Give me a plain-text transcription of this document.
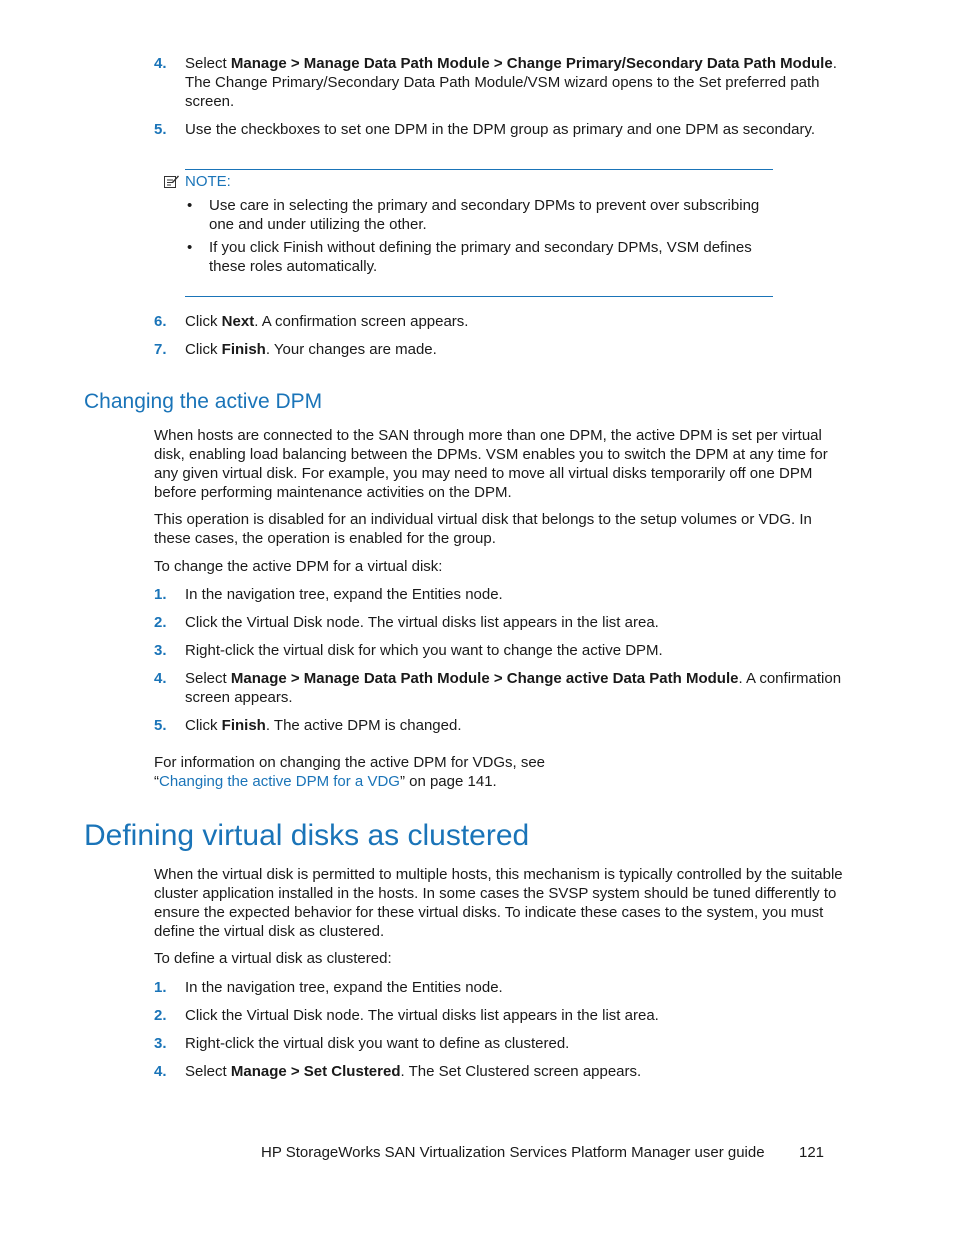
4. Select Manage > Manage Data Path Module > Change Primary/Secondary Data Path Module. The Change Primary/Secondary Data Path Module/VSM wizard opens to the Set preferred path screen.
5. Use the checkboxes to set one DPM in the DPM group as primary and one DPM as secondary.
NOTE:
• Use care in selecting the primary and secondary DPMs to prevent over subscribing one and under utilizing the other.
• If you click Finish without defining the primary and secondary DPMs, VSM defines these roles automatically.
6. Click Next. A confirmation screen appears.
7. Click Finish. Your changes are made.
Changing the active DPM
When hosts are connected to the SAN through more than one DPM, the active DPM is set per virtual disk, enabling load balancing between the DPMs. VSM enables you to switch the DPM at any time for any given virtual disk. For example, you may need to move all virtual disks temporarily off one DPM before performing maintenance activities on the DPM.
This operation is disabled for an individual virtual disk that belongs to the setup volumes or VDG. In these cases, the operation is enabled for the group.
To change the active DPM for a virtual disk:
1. In the navigation tree, expand the Entities node.
2. Click the Virtual Disk node. The virtual disks list appears in the list area.
3. Right-click the virtual disk for which you want to change the active DPM.
4. Select Manage > Manage Data Path Module > Change active Data Path Module. A confirmation screen appears.
5. Click Finish. The active DPM is changed.
For information on changing the active DPM for VDGs, see
“Changing the active DPM for a VDG” on page 141.
Defining virtual disks as clustered
When the virtual disk is permitted to multiple hosts, this mechanism is typically controlled by the suitable cluster application installed in the hosts. In some cases the SVSP system should be tuned differently to ensure the expected behavior for these virtual disks. To indicate these cases to the system, you must define the virtual disk as clustered.
To define a virtual disk as clustered:
1. In the navigation tree, expand the Entities node.
2. Click the Virtual Disk node. The virtual disks list appears in the list area.
3. Right-click the virtual disk you want to define as clustered.
4. Select Manage > Set Clustered. The Set Clustered screen appears.
HP StorageWorks SAN Virtualization Services Platform Manager user guide 121
